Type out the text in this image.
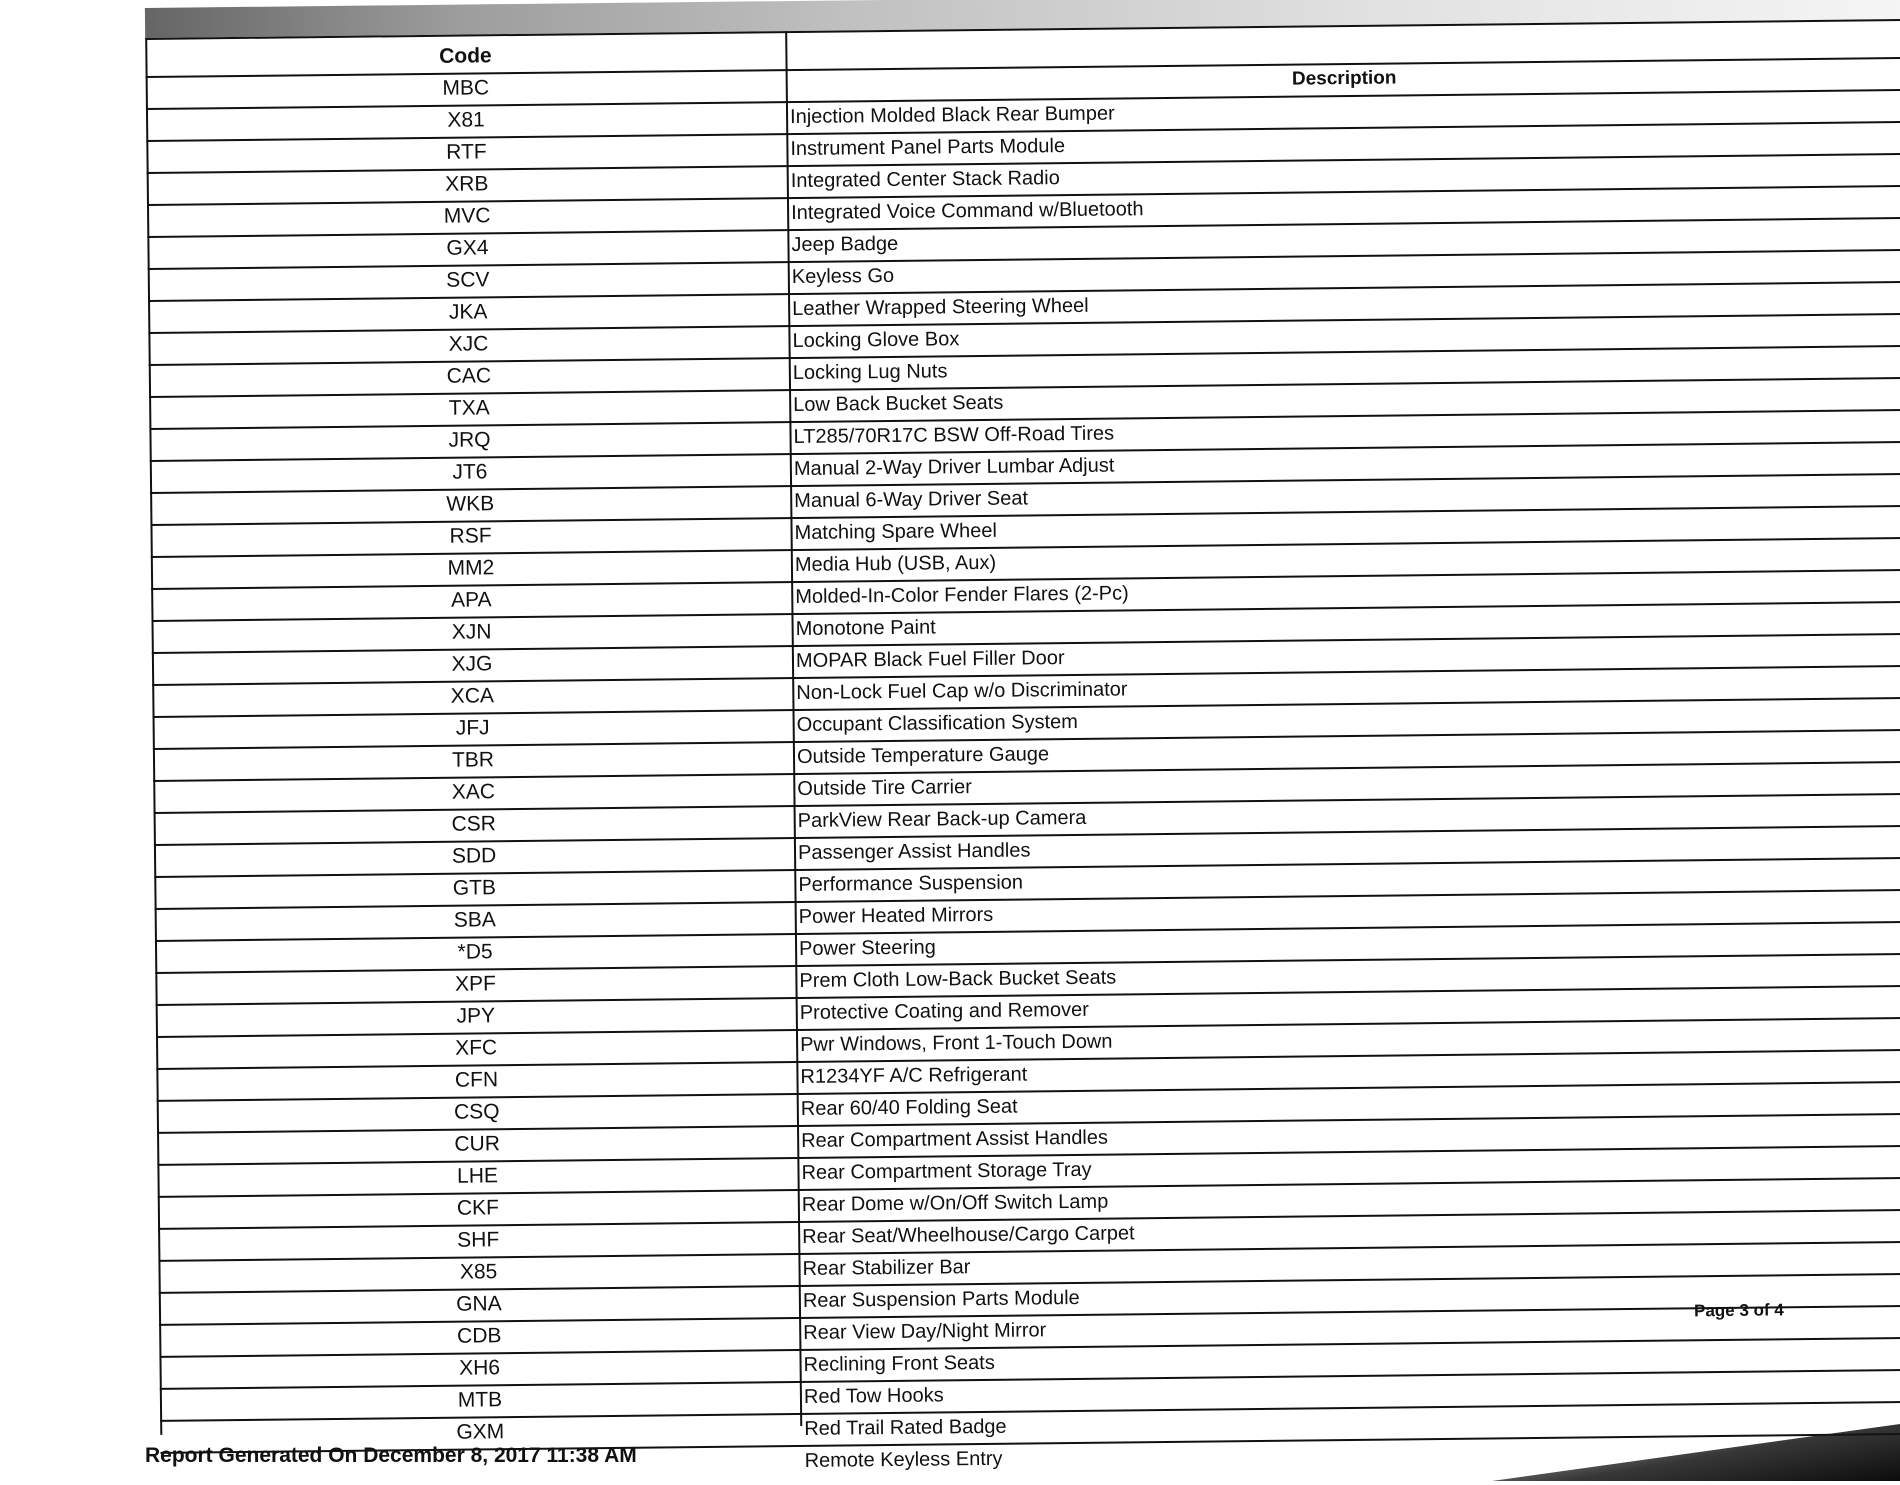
Code
Description
MBC
Injection Molded Black Rear Bumper
X81
Instrument Panel Parts Module
RTF
Integrated Center Stack Radio
XRB
Integrated Voice Command w/Bluetooth
MVC
Jeep Badge
GX4
Keyless Go
SCV
Leather Wrapped Steering Wheel
JKA
Locking Glove Box
XJC
Locking Lug Nuts
CAC
Low Back Bucket Seats
TXA
LT285/70R17C BSW Off-Road Tires
JRQ
Manual 2-Way Driver Lumbar Adjust
JT6
Manual 6-Way Driver Seat
WKB
Matching Spare Wheel
RSF
Media Hub (USB, Aux)
MM2
Molded-In-Color Fender Flares (2-Pc)
APA
Monotone Paint
XJN
MOPAR Black Fuel Filler Door
XJG
Non-Lock Fuel Cap w/o Discriminator
XCA
Occupant Classification System
JFJ
Outside Temperature Gauge
TBR
Outside Tire Carrier
XAC
ParkView Rear Back-up Camera
CSR
Passenger Assist Handles
SDD
Performance Suspension
GTB
Power Heated Mirrors
SBA
Power Steering
*D5
Prem Cloth Low-Back Bucket Seats
XPF
Protective Coating and Remover
JPY
Pwr Windows, Front 1-Touch Down
XFC
R1234YF A/C Refrigerant
CFN
Rear 60/40 Folding Seat
CSQ
Rear Compartment Assist Handles
CUR
Rear Compartment Storage Tray
LHE
Rear Dome w/On/Off Switch Lamp
CKF
Rear Seat/Wheelhouse/Cargo Carpet
SHF
Rear Stabilizer Bar
X85
Rear Suspension Parts Module
GNA
Rear View Day/Night Mirror
CDB
Reclining Front Seats
XH6
Red Tow Hooks
MTB
Red Trail Rated Badge
GXM
Remote Keyless Entry
Page 3 of 4
Report Generated On December 8, 2017 11:38 AM
